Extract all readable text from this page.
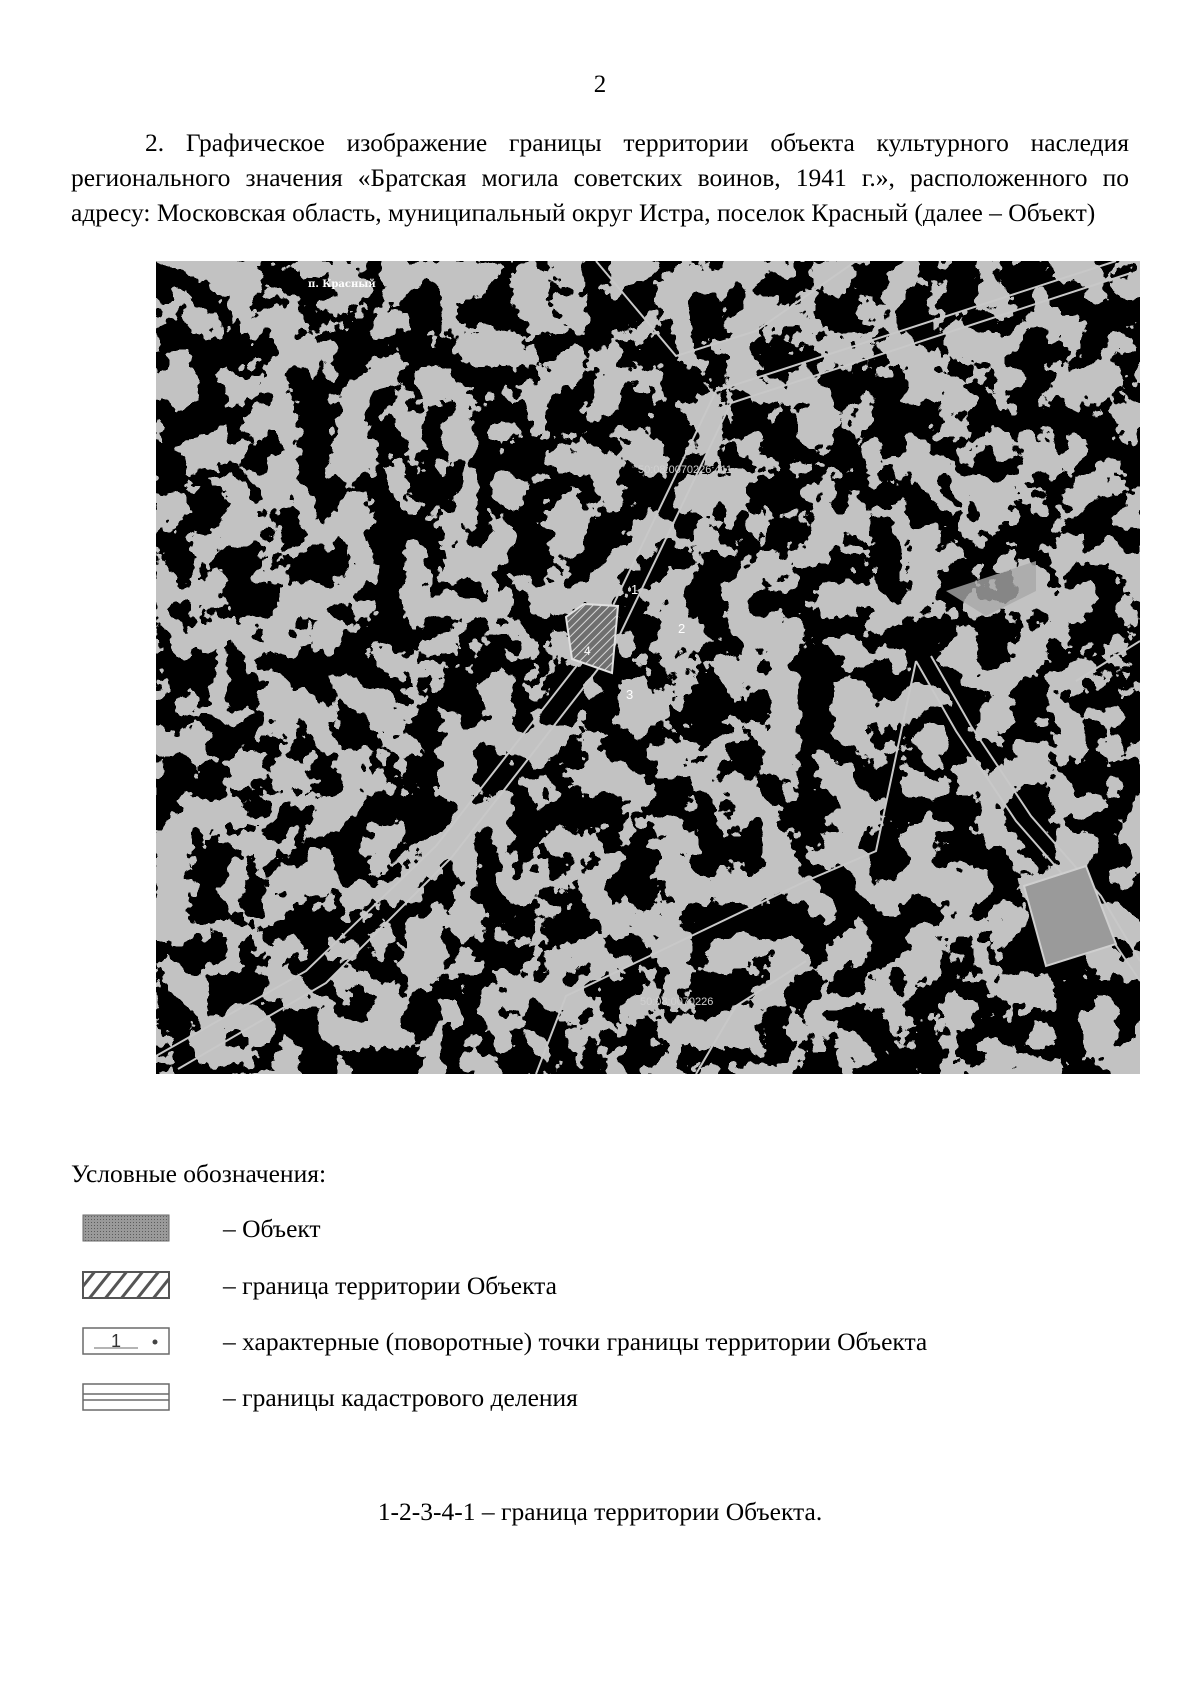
2

2. Графическое изображение границы территории объекта культурного наследия регионального значения «Братская могила советских воинов, 1941 г.», расположенного по адресу: Московская область, муниципальный округ Истра, поселок Красный (далее – Объект)

п. Красный
50:08:0070226:411
50:08:0070226
1
2
3
4
Условные обозначения:
– Объект
– граница территории Объекта
1	– характерные (поворотные) точки границы территории Объекта
– границы кадастрового деления
1-2-3-4-1 – граница территории Объекта.
